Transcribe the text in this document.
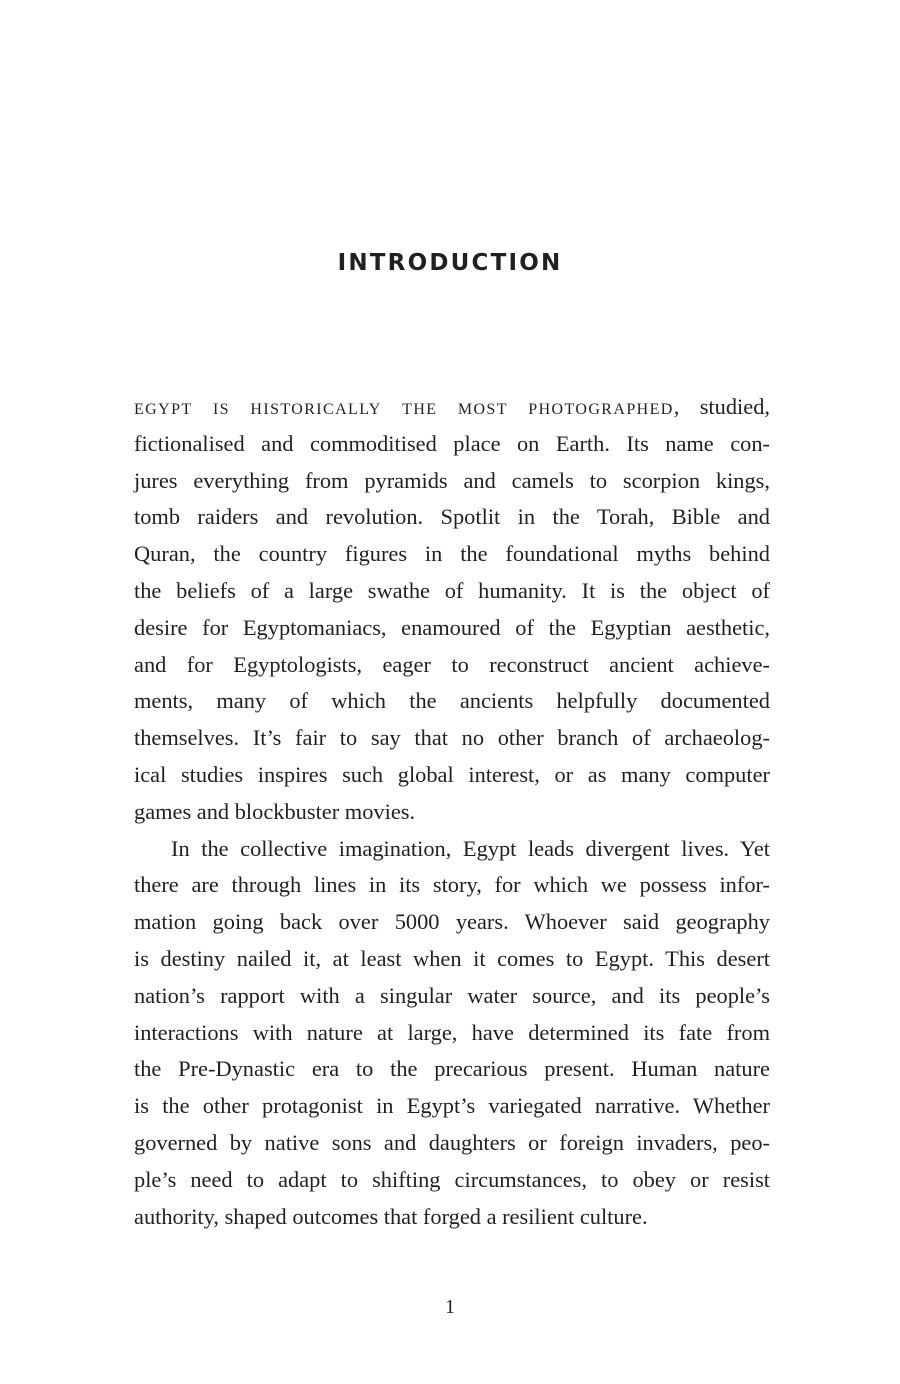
INTRODUCTION
egypt is historically the most photographed, studied,
fictionalised and commoditised place on Earth. Its name con-
jures everything from pyramids and camels to scorpion kings,
tomb raiders and revolution. Spotlit in the Torah, Bible and
Quran, the country figures in the foundational myths behind
the beliefs of a large swathe of humanity. It is the object of
desire for Egyptomaniacs, enamoured of the Egyptian aesthetic,
and for Egyptologists, eager to reconstruct ancient achieve-
ments, many of which the ancients helpfully documented
themselves. It’s fair to say that no other branch of archaeolog-
ical studies inspires such global interest, or as many computer
games and blockbuster movies.
In the collective imagination, Egypt leads divergent lives. Yet
there are through lines in its story, for which we possess infor-
mation going back over 5000 years. Whoever said geography
is destiny nailed it, at least when it comes to Egypt. This desert
nation’s rapport with a singular water source, and its people’s
interactions with nature at large, have determined its fate from
the Pre-Dynastic era to the precarious present. Human nature
is the other protagonist in Egypt’s variegated narrative. Whether
governed by native sons and daughters or foreign invaders, peo-
ple’s need to adapt to shifting circumstances, to obey or resist
authority, shaped outcomes that forged a resilient culture.
1
